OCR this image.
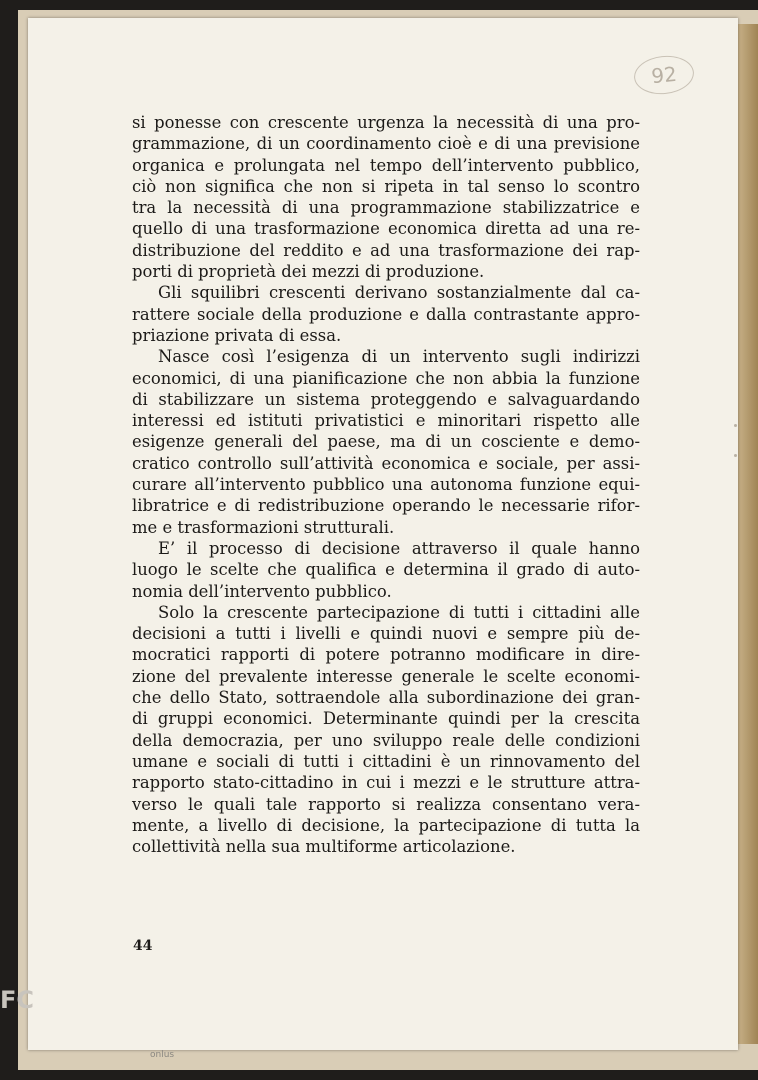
92
si ponesse con crescente urgenza la necessità di una pro-
grammazione, di un coordinamento cioè e di una previsione
organica e prolungata nel tempo dell’intervento pubblico,
ciò non significa che non si ripeta in tal senso lo scontro
tra la necessità di una programmazione stabilizzatrice e
quello di una trasformazione economica diretta ad una re-
distribuzione del reddito e ad una trasformazione dei rap-
porti di proprietà dei mezzi di produzione.
Gli squilibri crescenti derivano sostanzialmente dal ca-
rattere sociale della produzione e dalla contrastante appro-
priazione privata di essa.
Nasce così l’esigenza di un intervento sugli indirizzi
economici, di una pianificazione che non abbia la funzione
di stabilizzare un sistema proteggendo e salvaguardando
interessi ed istituti privatistici e minoritari rispetto alle
esigenze generali del paese, ma di un cosciente e demo-
cratico controllo sull’attività economica e sociale, per assi-
curare all’intervento pubblico una autonoma funzione equi-
libratrice e di redistribuzione operando le necessarie rifor-
me e trasformazioni strutturali.
E’ il processo di decisione attraverso il quale hanno
luogo le scelte che qualifica e determina il grado di auto-
nomia dell’intervento pubblico.
Solo la crescente partecipazione di tutti i cittadini alle
decisioni a tutti i livelli e quindi nuovi e sempre più de-
mocratici rapporti di potere potranno modificare in dire-
zione del prevalente interesse generale le scelte economi-
che dello Stato, sottraendole alla subordinazione dei gran-
di gruppi economici. Determinante quindi per la crescita
della democrazia, per uno sviluppo reale delle condizioni
umane e sociali di tutti i cittadini è un rinnovamento del
rapporto stato-cittadino in cui i mezzi e le strutture attra-
verso le quali tale rapporto si realizza consentano vera-
mente, a livello di decisione, la partecipazione di tutta la
collettività nella sua multiforme articolazione.
44
FC
onlus
